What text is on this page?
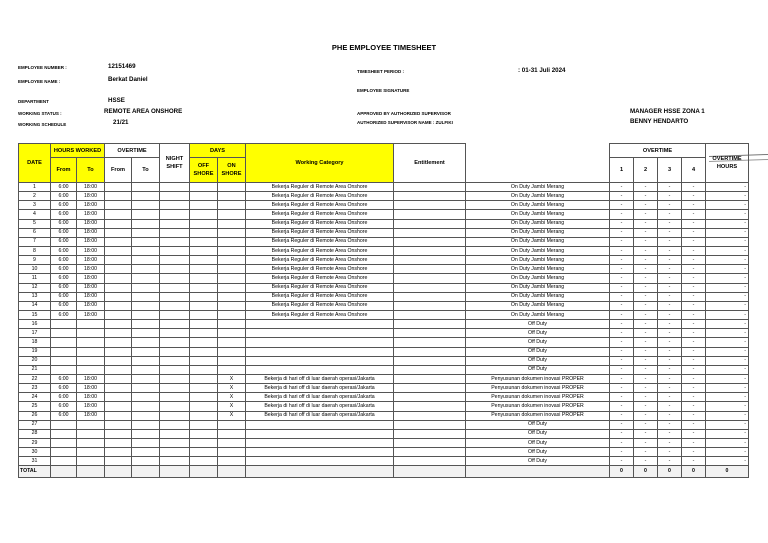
PHE EMPLOYEE TIMESHEET
EMPLOYEE NUMBER :	12151469
EMPLOYEE NAME :	Berkat Daniel
DEPARTMENT	HSSE
WORKING STATUS :	REMOTE AREA ONSHORE
WORKING SCHEDULE	21/21
TIMESHEET PERIOD :	: 01-31 Juli 2024
EMPLOYEE SIGNATURE
APPROVED BY AUTHORIZED SUPERVISOR
AUTHORIZED SUPERVISOR NAME : ZULFIKI
MANAGER HSSE ZONA 1
BENNY HENDARTO
DATE	HOURS WORKED		OVERTIME		NIGHT SHIFT	DAYS		Working Category	Entitlement		OVERTIME				OVERTIME HOURS
	From	To	From	To		OFF SHORE	ON SHORE				1	2	3	4	
1	6:00	18:00						Bekerja Reguler di Remote Area Onshore		On Duty Jambi Merang	-	-	-	-	-
2	6:00	18:00						Bekerja Reguler di Remote Area Onshore		On Duty Jambi Merang	-	-	-	-	-
3	6:00	18:00						Bekerja Reguler di Remote Area Onshore		On Duty Jambi Merang	-	-	-	-	-
4	6:00	18:00						Bekerja Reguler di Remote Area Onshore		On Duty Jambi Merang	-	-	-	-	-
5	6:00	18:00						Bekerja Reguler di Remote Area Onshore		On Duty Jambi Merang	-	-	-	-	-
6	6:00	18:00						Bekerja Reguler di Remote Area Onshore		On Duty Jambi Merang	-	-	-	-	-
7	6:00	18:00						Bekerja Reguler di Remote Area Onshore		On Duty Jambi Merang	-	-	-	-	-
8	6:00	18:00						Bekerja Reguler di Remote Area Onshore		On Duty Jambi Merang	-	-	-	-	-
9	6:00	18:00						Bekerja Reguler di Remote Area Onshore		On Duty Jambi Merang	-	-	-	-	-
10	6:00	18:00						Bekerja Reguler di Remote Area Onshore		On Duty Jambi Merang	-	-	-	-	-
11	6:00	18:00						Bekerja Reguler di Remote Area Onshore		On Duty Jambi Merang	-	-	-	-	-
12	6:00	18:00						Bekerja Reguler di Remote Area Onshore		On Duty Jambi Merang	-	-	-	-	-
13	6:00	18:00						Bekerja Reguler di Remote Area Onshore		On Duty Jambi Merang	-	-	-	-	-
14	6:00	18:00						Bekerja Reguler di Remote Area Onshore		On Duty Jambi Merang	-	-	-	-	-
15	6:00	18:00						Bekerja Reguler di Remote Area Onshore		On Duty Jambi Merang	-	-	-	-	-
16										Off Duty	-	-	-	-	-
17										Off Duty	-	-	-	-	-
18										Off Duty	-	-	-	-	-
19										Off Duty	-	-	-	-	-
20										Off Duty	-	-	-	-	-
21										Off Duty	-	-	-	-	-
22	6:00	18:00					X	Bekerja di hari off di luar daerah operasi/Jakarta		Penyusunan dokumen inovasi PROPER	-	-	-	-	-
23	6:00	18:00					X	Bekerja di hari off di luar daerah operasi/Jakarta		Penyusunan dokumen inovasi PROPER	-	-	-	-	-
24	6:00	18:00					X	Bekerja di hari off di luar daerah operasi/Jakarta		Penyusunan dokumen inovasi PROPER	-	-	-	-	-
25	6:00	18:00					X	Bekerja di hari off di luar daerah operasi/Jakarta		Penyusunan dokumen inovasi PROPER	-	-	-	-	-
26	6:00	18:00					X	Bekerja di hari off di luar daerah operasi/Jakarta		Penyusunan dokumen inovasi PROPER	-	-	-	-	-
27										Off Duty	-	-	-	-	-
28										Off Duty	-	-	-	-	-
29										Off Duty	-	-	-	-	-
30										Off Duty	-	-	-	-	-
31										Off Duty	-	-	-	-	-
TOTAL											0	0	0	0	0
